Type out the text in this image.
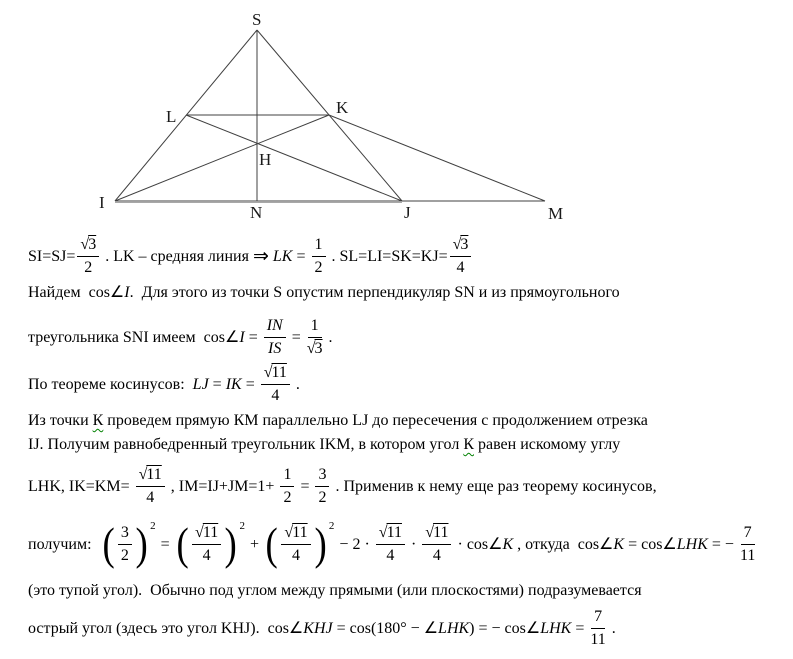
S
I
L	K
H
N	J	M
$SI=SJ= \frac{√3}{2}$ . LK – средняя линия ⇒
LK = $\frac{1}{2}$ . $SL=LI=SK=KJ= \frac{√3}{4}$
Найдем  cos∠ I .  Для этого из точки S опустим перпендикуляр SN и из прямоугольного
треугольника SNI имеем  cos∠ $I = \frac{IN}{IS} = \frac{1}{√3}$ .
По теореме косинусов: LJ = IK = $\frac{√11}{4}$ .
Из точки К проведем прямую КМ параллельно LJ до пересечения с продолжением отрезка
IJ. Получим равнобедренный треугольник IKM, в котором угол К равен искомому углу
LHK, $IK=KM= \frac{√11}{4}$ , $IM=IJ+JM=1+ \frac{1}{2} = \frac{3}{2}$ . Применив к нему еще раз теорему косинусов,
получим: ( $\frac{3}{2}$ ) 2
= ( $\frac{√11}{4}$ ) 2
+ ( $\frac{√11}{4}$ ) 2
− $2 \cdot \frac{√11}{4} \cdot \frac{√11}{4}$ · cos∠ K , откуда  cos∠ K = cos∠ LHK = − $\frac{7}{11}$
(это тупой угол).  Обычно под углом между прямыми (или плоскостями) подразумевается
острый угол (здесь это угол KHJ).  cos∠ KHJ = cos(180° − ∠ LHK ) = − cos∠ LHK = $\frac{7}{11}$ .
